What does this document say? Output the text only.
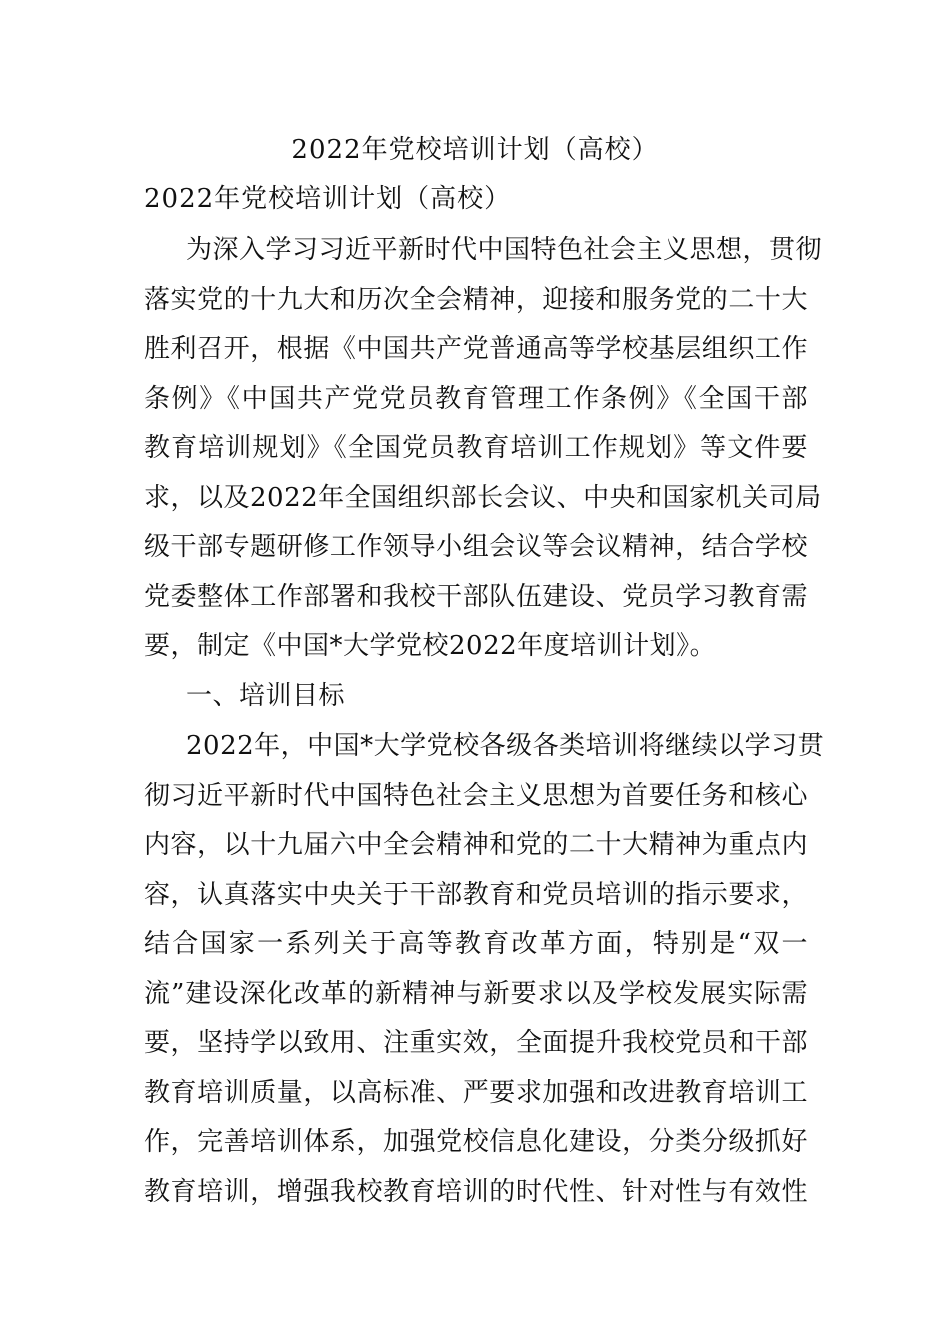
2022年党校培训计划（高校）
2022年党校培训计划（高校）
为深入学习习近平新时代中国特色社会主义思想，贯彻
落实党的十九大和历次全会精神，迎接和服务党的二十大
胜利召开，根据《中国共产党普通高等学校基层组织工作
条例》《中国共产党党员教育管理工作条例》《全国干部
教育培训规划》《全国党员教育培训工作规划》等文件要
求，以及2022年全国组织部长会议、中央和国家机关司局
级干部专题研修工作领导小组会议等会议精神，结合学校
党委整体工作部署和我校干部队伍建设、党员学习教育需
要，制定《中国*大学党校2022年度培训计划》。
一、培训目标
2022年，中国*大学党校各级各类培训将继续以学习贯
彻习近平新时代中国特色社会主义思想为首要任务和核心
内容，以十九届六中全会精神和党的二十大精神为重点内
容，认真落实中央关于干部教育和党员培训的指示要求，
结合国家一系列关于高等教育改革方面，特别是“双一
流”建设深化改革的新精神与新要求以及学校发展实际需
要，坚持学以致用、注重实效，全面提升我校党员和干部
教育培训质量，以高标准、严要求加强和改进教育培训工
作，完善培训体系，加强党校信息化建设，分类分级抓好
教育培训，增强我校教育培训的时代性、针对性与有效性
